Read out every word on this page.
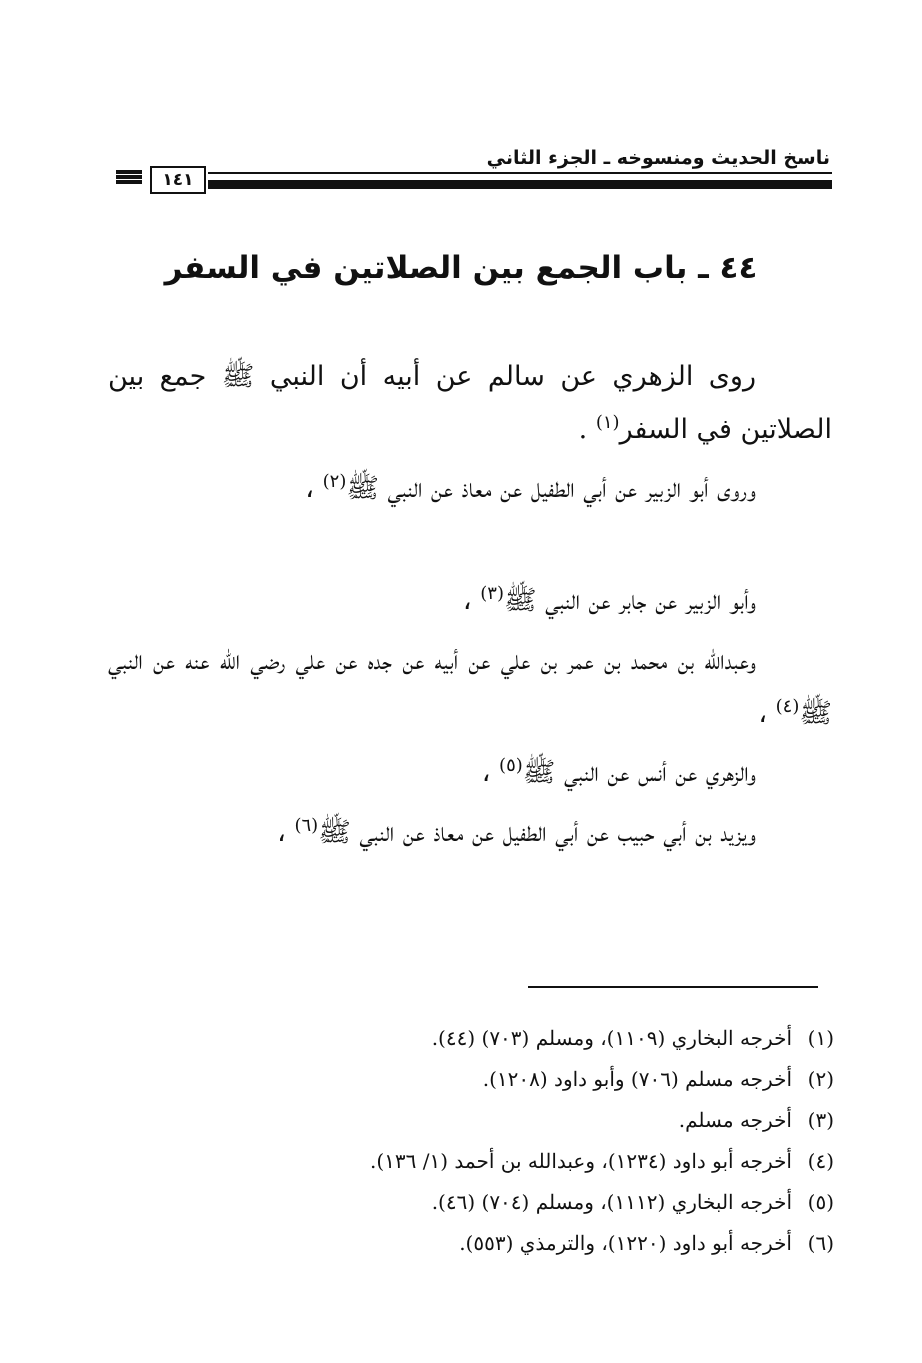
ناسخ الحديث ومنسوخه ـ الجزء الثاني
١٤١
٤٤ ـ باب الجمع بين الصلاتين في السفر

روى الزهري عن سالم عن أبيه أن النبي ﷺ جمع بين الصلاتين في السفر$^{(١)}$ .

وروى أبو الزبير عن أبي الطفيل عن معاذ عن النبي ﷺ$^{(٢)}$ ،

وأبو الزبير عن جابر عن النبي ﷺ$^{(٣)}$ ،

وعبدالله بن محمد بن عمر بن علي عن أبيه عن جده عن علي رضي الله عنه عن النبي ﷺ$^{(٤)}$ ،

والزهري عن أنس عن النبي ﷺ$^{(٥)}$ ،

ويزيد بن أبي حبيب عن أبي الطفيل عن معاذ عن النبي ﷺ$^{(٦)}$ ،

(١)أخرجه البخاري (١١٠٩)، ومسلم (٧٠٣) (٤٤).
(٢)أخرجه مسلم (٧٠٦) وأبو داود (١٢٠٨).
(٣)أخرجه مسلم.
(٤)أخرجه أبو داود (١٢٣٤)، وعبدالله بن أحمد (١/ ١٣٦).
(٥)أخرجه البخاري (١١١٢)، ومسلم (٧٠٤) (٤٦).
(٦)أخرجه أبو داود (١٢٢٠)، والترمذي (٥٥٣).
